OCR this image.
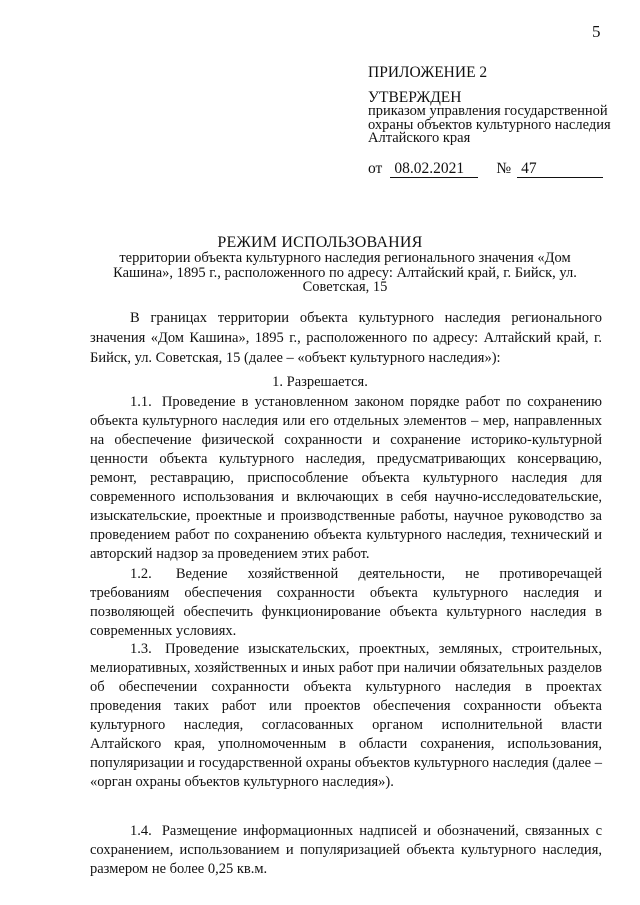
5
ПРИЛОЖЕНИЕ 2
УТВЕРЖДЕН
приказом управления государственной охраны объектов культурного наследия Алтайского края
от 08.02.2021 № 47
РЕЖИМ ИСПОЛЬЗОВАНИЯ
территории объекта культурного наследия регионального значения «Дом Кашина», 1895 г., расположенного по адресу: Алтайский край, г. Бийск, ул. Советская, 15
В границах территории объекта культурного наследия регионального значения «Дом Кашина», 1895 г., расположенного по адресу: Алтайский край, г. Бийск, ул. Советская, 15 (далее – «объект культурного наследия»):
1. Разрешается.
1.1. Проведение в установленном законом порядке работ по сохранению объекта культурного наследия или его отдельных элементов – мер, направленных на обеспечение физической сохранности и сохранение историко-культурной ценности объекта культурного наследия, предусматривающих консервацию, ремонт, реставрацию, приспособление объекта культурного наследия для современного использования и включающих в себя научно-исследовательские, изыскательские, проектные и производственные работы, научное руководство за проведением работ по сохранению объекта культурного наследия, технический и авторский надзор за проведением этих работ.
1.2. Ведение хозяйственной деятельности, не противоречащей требованиям обеспечения сохранности объекта культурного наследия и позволяющей обеспечить функционирование объекта культурного наследия в современных условиях.
1.3. Проведение изыскательских, проектных, земляных, строительных, мелиоративных, хозяйственных и иных работ при наличии обязательных разделов об обеспечении сохранности объекта культурного наследия в проектах проведения таких работ или проектов обеспечения сохранности объекта культурного наследия, согласованных органом исполнительной власти Алтайского края, уполномоченным в области сохранения, использования, популяризации и государственной охраны объектов культурного наследия (далее – «орган охраны объектов культурного наследия»).
1.4. Размещение информационных надписей и обозначений, связанных с сохранением, использованием и популяризацией объекта культурного наследия, размером не более 0,25 кв.м.
